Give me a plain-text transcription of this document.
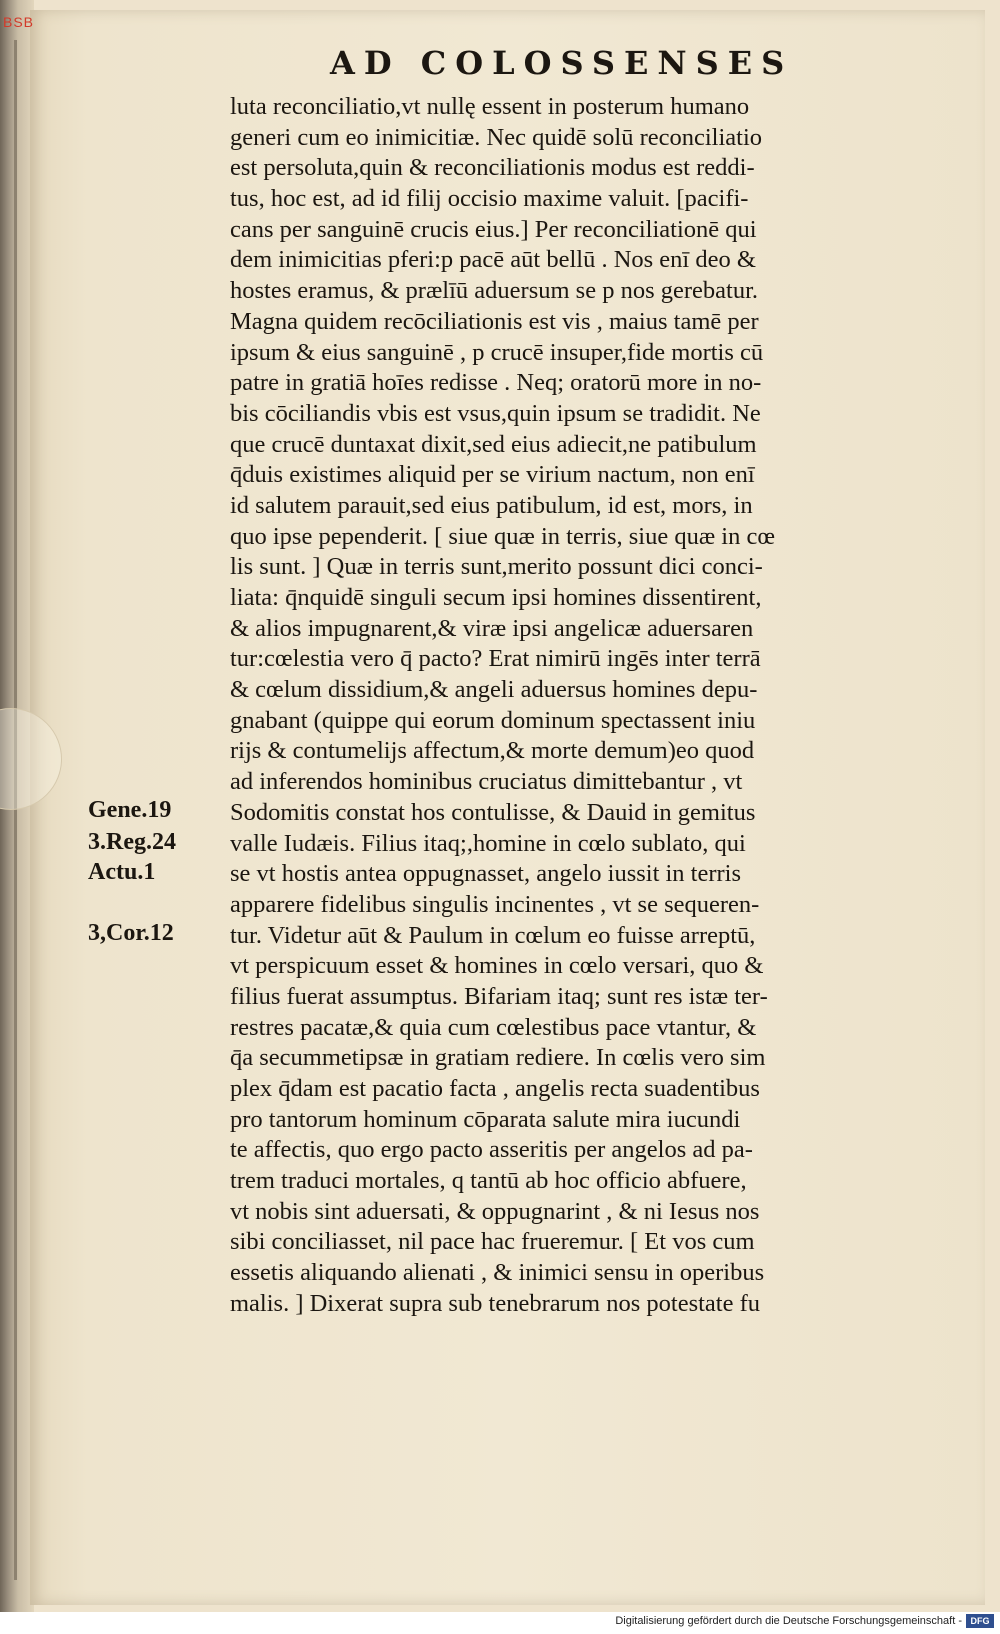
BSB
AD COLOSSENSES
luta reconciliatio,vt nullę essent in posterum humano
generi cum eo inimicitiæ. Nec quidē solū reconciliatio
est persoluta,quin & reconciliationis modus est reddi-
tus, hoc est, ad id filij occisio maxime valuit. [pacifi-
cans per sanguinē crucis eius.] Per reconciliationē qui
dem inimicitias pferi:p pacē aūt bellū . Nos enī deo &
hostes eramus, & prælīū aduersum se p nos gerebatur.
Magna quidem recōciliationis est vis , maius tamē per
ipsum & eius sanguinē , p crucē insuper,fide mortis cū
patre in gratiā hoīes redisse . Neq; oratorū more in no-
bis cōciliandis vbis est vsus,quin ipsum se tradidit. Ne
que crucē duntaxat dixit,sed eius adiecit,ne patibulum
q̄duis existimes aliquid per se virium nactum, non enī
id salutem parauit,sed eius patibulum, id est, mors, in
quo ipse pependerit. [ siue quæ in terris, siue quæ in cœ
lis sunt. ] Quæ in terris sunt,merito possunt dici conci-
liata: q̄nquidē singuli secum ipsi homines dissentirent,
& alios impugnarent,& viræ ipsi angelicæ aduersaren
tur:cœlestia vero q̄ pacto? Erat nimirū ingēs inter terrā
& cœlum dissidium,& angeli aduersus homines depu-
gnabant (quippe qui eorum dominum spectassent iniu
rijs & contumelijs affectum,& morte demum)eo quod
ad inferendos hominibus cruciatus dimittebantur , vt
Sodomitis constat hos contulisse, & Dauid in gemitus
valle Iudæis. Filius itaq;,homine in cœlo sublato, qui
se vt hostis antea oppugnasset, angelo iussit in terris
apparere fidelibus singulis incinentes , vt se sequeren-
tur. Videtur aūt & Paulum in cœlum eo fuisse arreptū,
vt perspicuum esset & homines in cœlo versari, quo &
filius fuerat assumptus. Bifariam itaq; sunt res istæ ter-
restres pacatæ,& quia cum cœlestibus pace vtantur, &
q̄a secummetipsæ in gratiam rediere. In cœlis vero sim
plex q̄dam est pacatio facta , angelis recta suadentibus
pro tantorum hominum cōparata salute mira iucundi
te affectis, quo ergo pacto asseritis per angelos ad pa-
trem traduci mortales, q tantū ab hoc officio abfuere,
vt nobis sint aduersati, & oppugnarint , & ni Iesus nos
sibi conciliasset, nil pace hac frueremur. [ Et vos cum
essetis aliquando alienati , & inimici sensu in operibus
malis. ] Dixerat supra sub tenebrarum nos potestate fu
Gene.19
3.Reg.24
Actu.1
3,Cor.12
Digitalisierung gefördert durch die Deutsche Forschungsgemeinschaft - DFG
